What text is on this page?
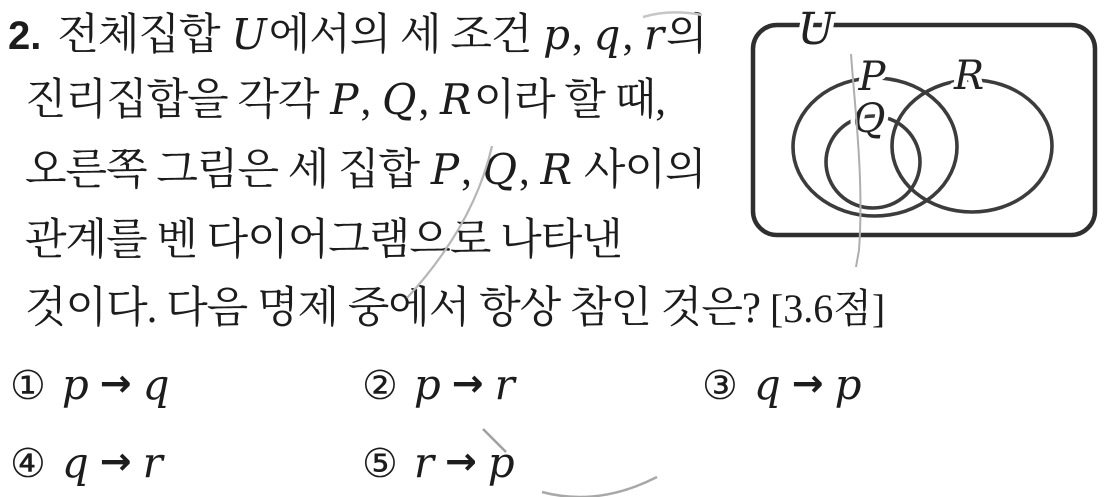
2. 전체집합 U에서의 세 조건 p, q, r의
진리집합을 각각 P, Q, R이라 할 때,
오른쪽 그림은 세 집합 P, Q, R 사이의
관계를 벤 다이어그램으로 나타낸
것이다. 다음 명제 중에서 항상 참인 것은? [3.6점]
① p → q	② p → r	③ q → p
④ q → r	⑤ r → p
U
P
Q
R
